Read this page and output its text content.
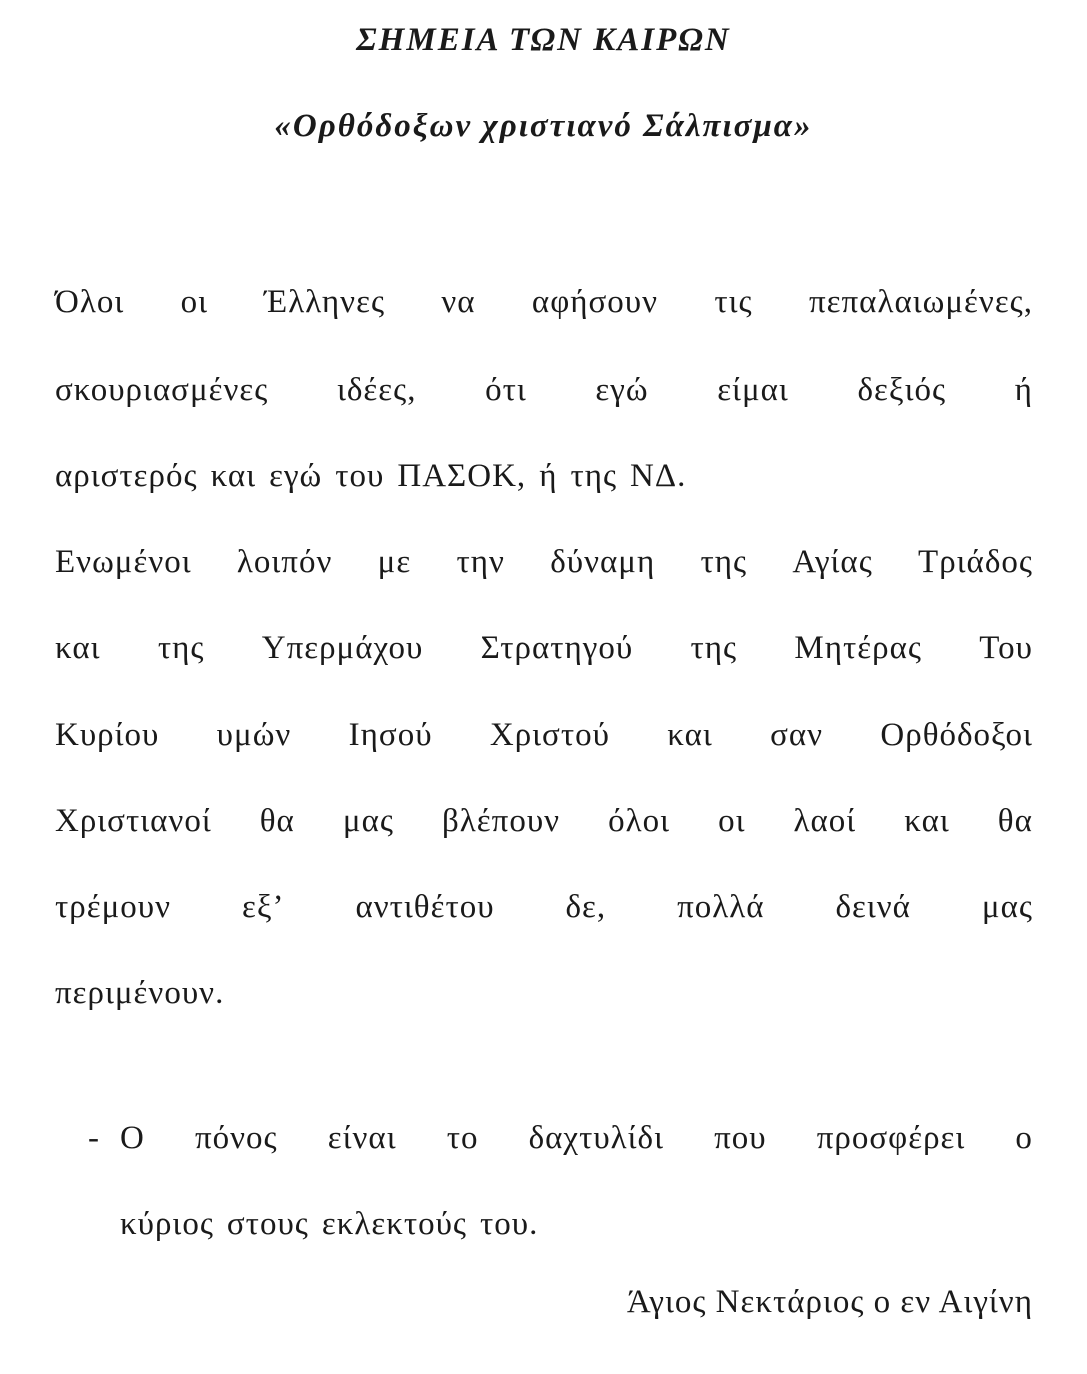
ΣΗΜΕΙΑ ΤΩΝ ΚΑΙΡΩΝ
«Ορθόδοξων χριστιανό Σάλπισμα»
Όλοι οι Έλληνες να αφήσουν τις πεπαλαιωμένες,
σκουριασμένες ιδέες, ότι εγώ είμαι δεξιός ή
αριστερός και εγώ του ΠΑΣΟΚ, ή της ΝΔ.
Ενωμένοι λοιπόν με την δύναμη της Αγίας Τριάδος
και της Υπερμάχου Στρατηγού της Μητέρας Του
Κυρίου υμών Ιησού Χριστού και σαν Ορθόδοξοι
Χριστιανοί θα μας βλέπουν όλοι οι λαοί και θα
τρέμουν εξ’ αντιθέτου δε, πολλά δεινά μας
περιμένουν.
- Ο πόνος είναι το δαχτυλίδι που προσφέρει ο
κύριος στους εκλεκτούς του.
Άγιος Νεκτάριος ο εν Αιγίνη
